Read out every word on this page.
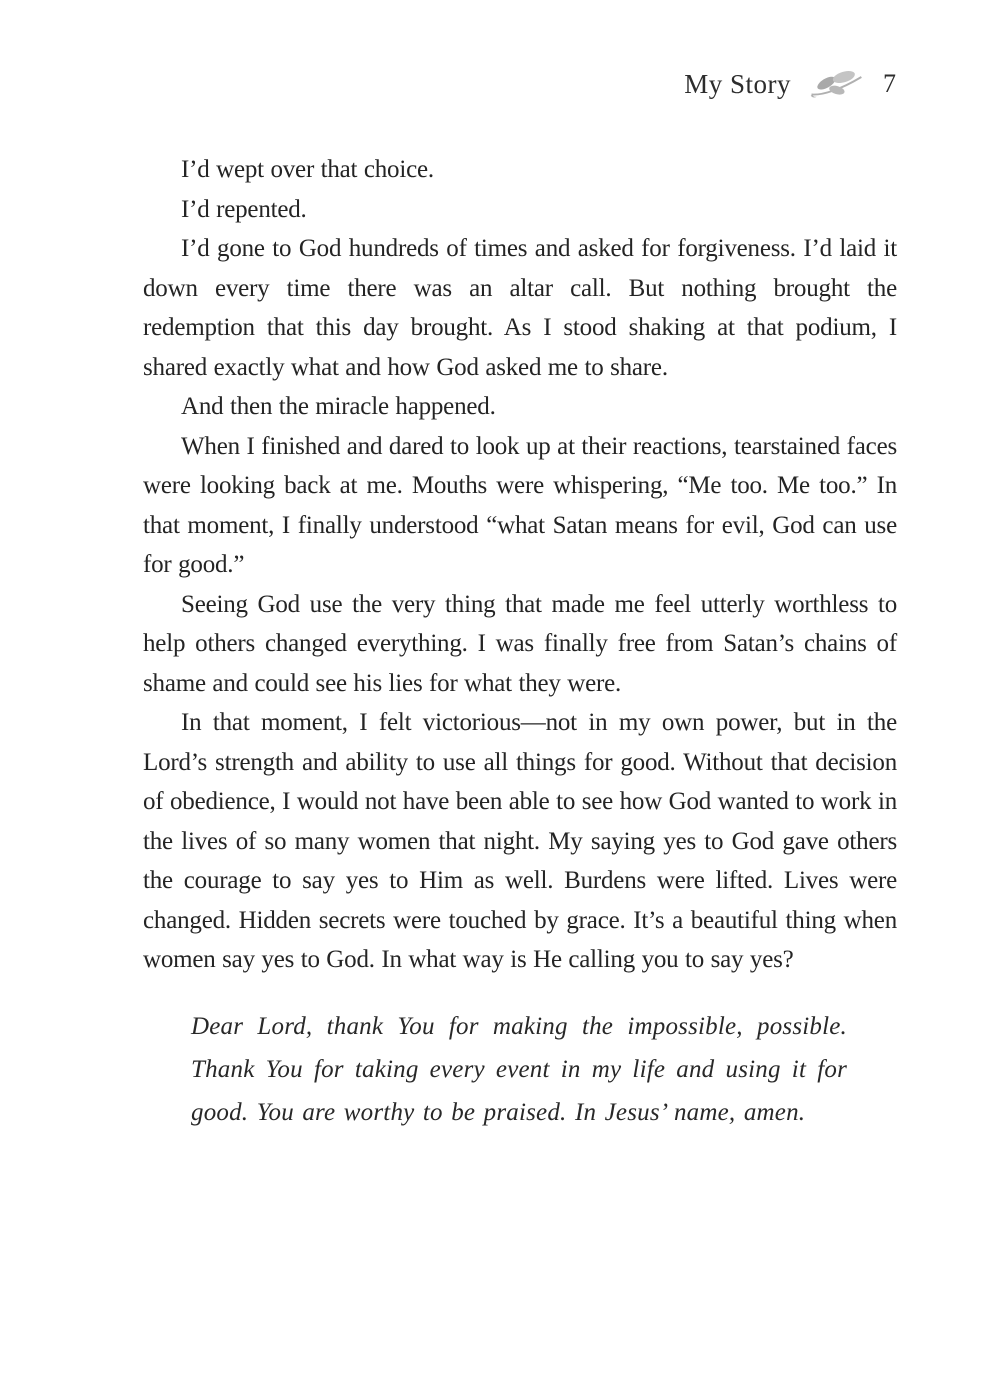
My Story	7

I’d wept over that choice.

I’d repented.

I’d gone to God hundreds of times and asked for forgiveness. I’d laid it down every time there was an altar call. But nothing brought the redemption that this day brought. As I stood shaking at that podium, I shared exactly what and how God asked me to share.

And then the miracle happened.

When I finished and dared to look up at their reactions, tearstained faces were looking back at me. Mouths were whispering, “Me too. Me too.” In that moment, I finally understood “what Satan means for evil, God can use for good.”

Seeing God use the very thing that made me feel utterly worthless to help others changed everything. I was finally free from Satan’s chains of shame and could see his lies for what they were.

In that moment, I felt victorious—not in my own power, but in the Lord’s strength and ability to use all things for good. Without that decision of obedience, I would not have been able to see how God wanted to work in the lives of so many women that night. My saying yes to God gave others the courage to say yes to Him as well. Burdens were lifted. Lives were changed. Hidden secrets were touched by grace. It’s a beautiful thing when women say yes to God. In what way is He calling you to say yes?

Dear Lord, thank You for making the impossible, possible. Thank You for taking every event in my life and using it for good. You are worthy to be praised. In Jesus’ name, amen.
